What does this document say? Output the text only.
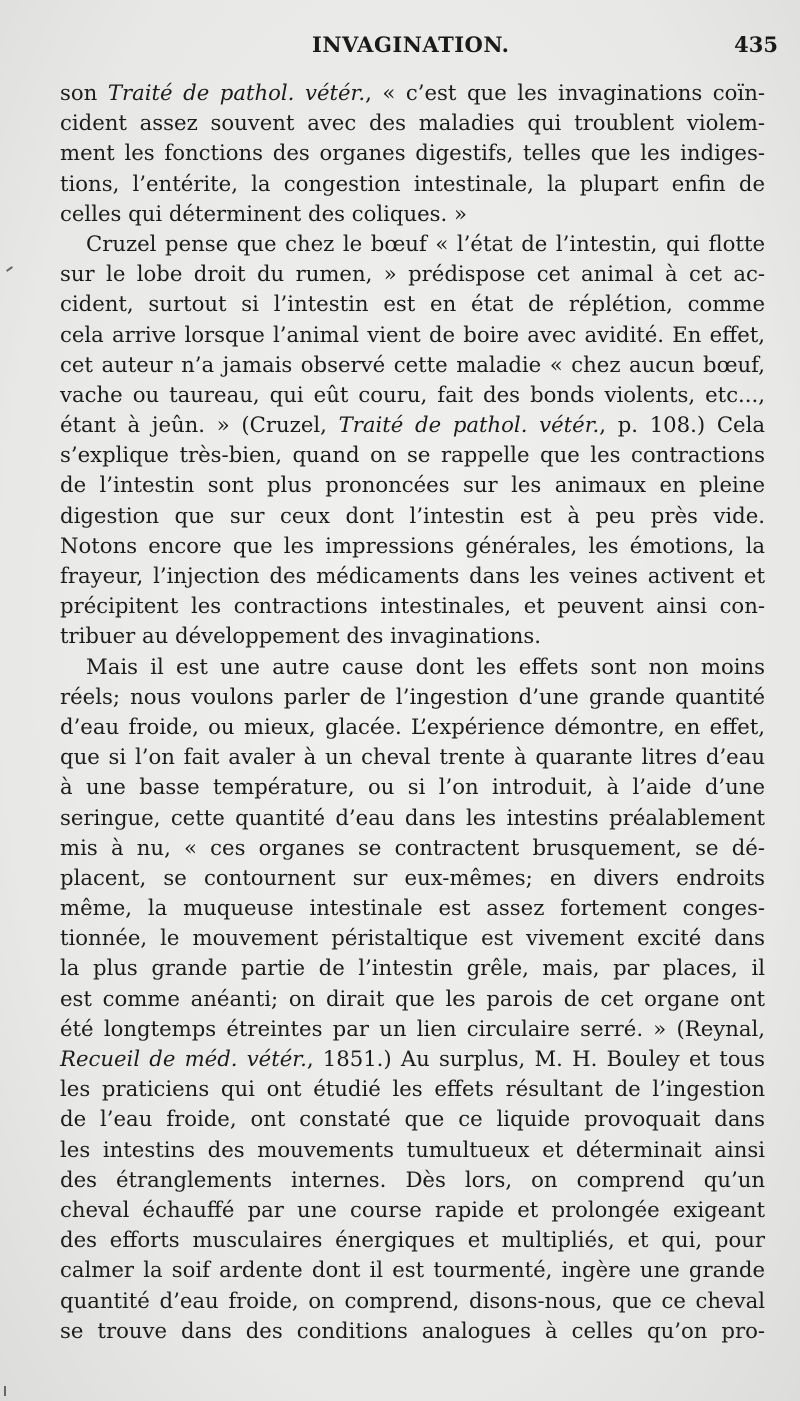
INVAGINATION.	435
son Traité de pathol. vétér., « c’est que les invaginations coïn-
cident assez souvent avec des maladies qui troublent violem-
ment les fonctions des organes digestifs, telles que les indiges-
tions, l’entérite, la congestion intestinale, la plupart enfin de
celles qui déterminent des coliques. »
Cruzel pense que chez le bœuf « l’état de l’intestin, qui flotte
sur le lobe droit du rumen, » prédispose cet animal à cet ac-
cident, surtout si l’intestin est en état de réplétion, comme
cela arrive lorsque l’animal vient de boire avec avidité. En effet,
cet auteur n’a jamais observé cette maladie « chez aucun bœuf,
vache ou taureau, qui eût couru, fait des bonds violents, etc...,
étant à jeûn. » (Cruzel, Traité de pathol. vétér., p. 108.) Cela
s’explique très-bien, quand on se rappelle que les contractions
de l’intestin sont plus prononcées sur les animaux en pleine
digestion que sur ceux dont l’intestin est à peu près vide.
Notons encore que les impressions générales, les émotions, la
frayeur, l’injection des médicaments dans les veines activent et
précipitent les contractions intestinales, et peuvent ainsi con-
tribuer au développement des invaginations.
Mais il est une autre cause dont les effets sont non moins
réels; nous voulons parler de l’ingestion d’une grande quantité
d’eau froide, ou mieux, glacée. L’expérience démontre, en effet,
que si l’on fait avaler à un cheval trente à quarante litres d’eau
à une basse température, ou si l’on introduit, à l’aide d’une
seringue, cette quantité d’eau dans les intestins préalablement
mis à nu, « ces organes se contractent brusquement, se dé-
placent, se contournent sur eux-mêmes; en divers endroits
même, la muqueuse intestinale est assez fortement conges-
tionnée, le mouvement péristaltique est vivement excité dans
la plus grande partie de l’intestin grêle, mais, par places, il
est comme anéanti; on dirait que les parois de cet organe ont
été longtemps étreintes par un lien circulaire serré. » (Reynal,
Recueil de méd. vétér., 1851.) Au surplus, M. H. Bouley et tous
les praticiens qui ont étudié les effets résultant de l’ingestion
de l’eau froide, ont constaté que ce liquide provoquait dans
les intestins des mouvements tumultueux et déterminait ainsi
des étranglements internes. Dès lors, on comprend qu’un
cheval échauffé par une course rapide et prolongée exigeant
des efforts musculaires énergiques et multipliés, et qui, pour
calmer la soif ardente dont il est tourmenté, ingère une grande
quantité d’eau froide, on comprend, disons-nous, que ce cheval
se trouve dans des conditions analogues à celles qu’on pro-
